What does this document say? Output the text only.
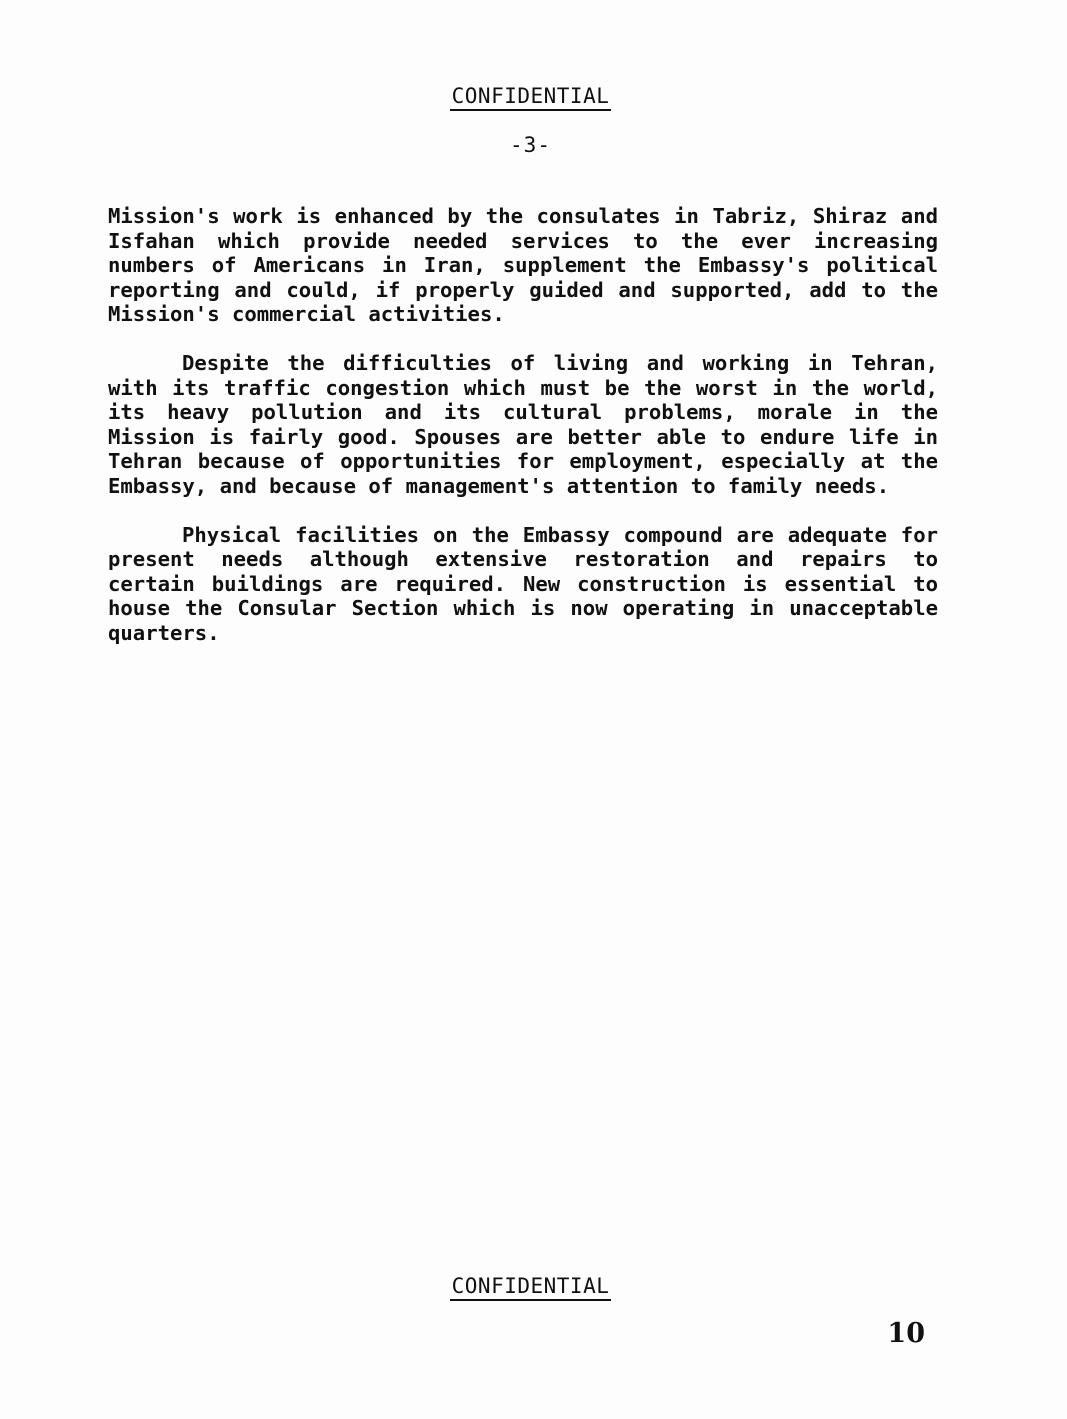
CONFIDENTIAL
-3-

Mission's work is enhanced by the consulates in Tabriz, Shiraz and Isfahan which provide needed services to the ever increasing numbers of Americans in Iran, supplement the Embassy's political reporting and could, if properly guided and supported, add to the Mission's commercial activities.

Despite the difficulties of living and working in Tehran, with its traffic congestion which must be the worst in the world, its heavy pollution and its cultural problems, morale in the Mission is fairly good. Spouses are better able to endure life in Tehran because of opportunities for employment, especially at the Embassy, and because of management's attention to family needs.

Physical facilities on the Embassy compound are adequate for present needs although extensive restoration and repairs to certain buildings are required. New construction is essential to house the Consular Section which is now operating in unacceptable quarters.

CONFIDENTIAL
10
